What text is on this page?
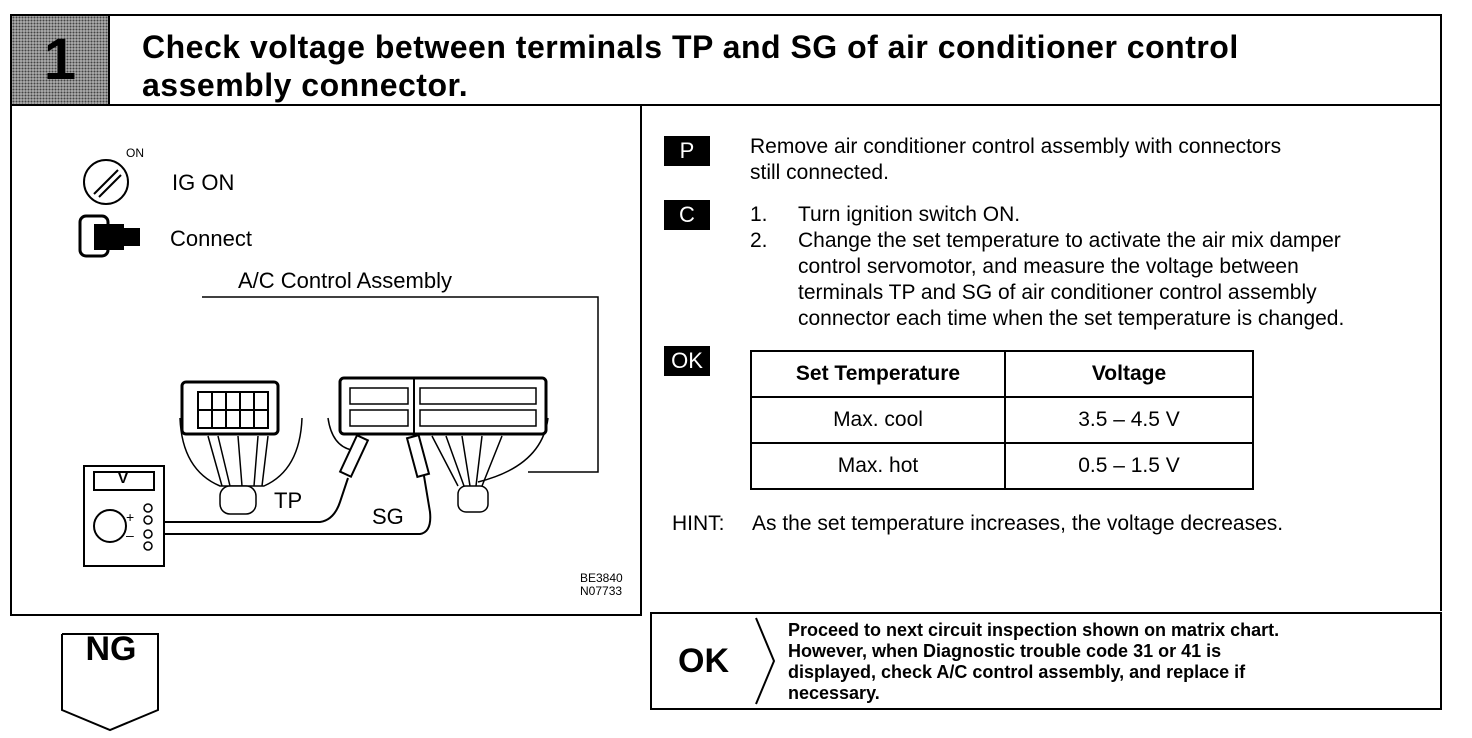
1	Check voltage between terminals TP and SG of air conditioner control
assembly connector.
ON
IG ON
Connect
A/C Control Assembly
+
–
V
TP
SG
BE3840
N07733
P	Remove air conditioner control assembly with connectors
still connected.
C	1.	Turn ignition switch ON.
2.	Change the set temperature to activate the air mix damper
control servomotor, and measure the voltage between
terminals TP and SG of air conditioner control assembly
connector each time when the set temperature is changed.
OK
Set Temperature	Voltage
Max. cool	3.5 – 4.5 V
Max. hot	0.5 – 1.5 V
HINT: As the set temperature increases, the voltage decreases.
OK
Proceed to next circuit inspection shown on matrix chart.
However, when Diagnostic trouble code 31 or 41 is
displayed, check A/C control assembly, and replace if
necessary.
NG
